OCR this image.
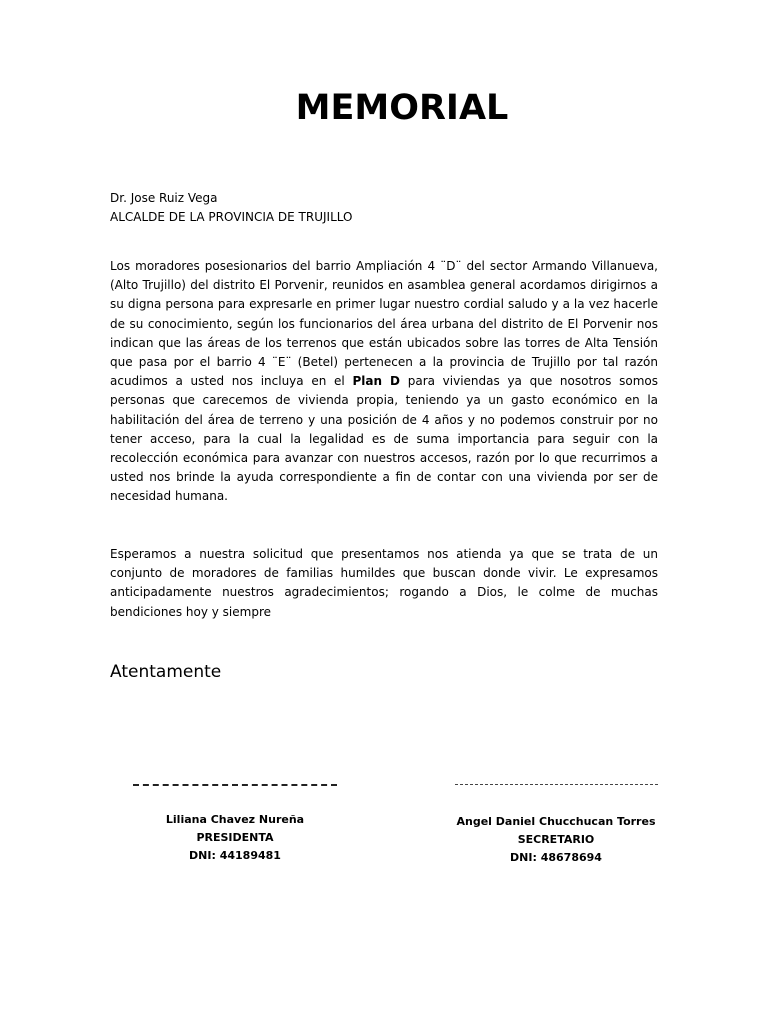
MEMORIAL
Dr. Jose Ruiz Vega
ALCALDE DE LA PROVINCIA DE TRUJILLO

Los moradores posesionarios del barrio Ampliación 4 ¨D¨ del sector Armando Villanueva, (Alto Trujillo) del distrito El Porvenir, reunidos en asamblea general acordamos dirigirnos a su digna persona para expresarle en primer lugar nuestro cordial saludo y a la vez hacerle de su conocimiento, según los funcionarios del área urbana del distrito de El Porvenir nos indican que las áreas de los terrenos que están ubicados sobre las torres de Alta Tensión que pasa por el barrio 4 ¨E¨ (Betel) pertenecen a la provincia de Trujillo por tal razón acudimos a usted nos incluya en el Plan D para viviendas ya que nosotros somos personas que carecemos de vivienda propia, teniendo ya un gasto económico en la habilitación del área de terreno y una posición de 4 años y no podemos construir por no tener acceso, para la cual la legalidad es de suma importancia para seguir con la recolección económica para avanzar con nuestros accesos, razón por lo que recurrimos a usted nos brinde la ayuda correspondiente a fin de contar con una vivienda por ser de necesidad humana.

Esperamos a nuestra solicitud que presentamos nos atienda ya que se trata de un conjunto de moradores de familias humildes que buscan donde vivir. Le expresamos anticipadamente nuestros agradecimientos; rogando a Dios, le colme de muchas bendiciones hoy y siempre

Atentamente
Liliana Chavez Nureña
PRESIDENTA
DNI: 44189481
Angel Daniel Chucchucan Torres
SECRETARIO
DNI: 48678694
